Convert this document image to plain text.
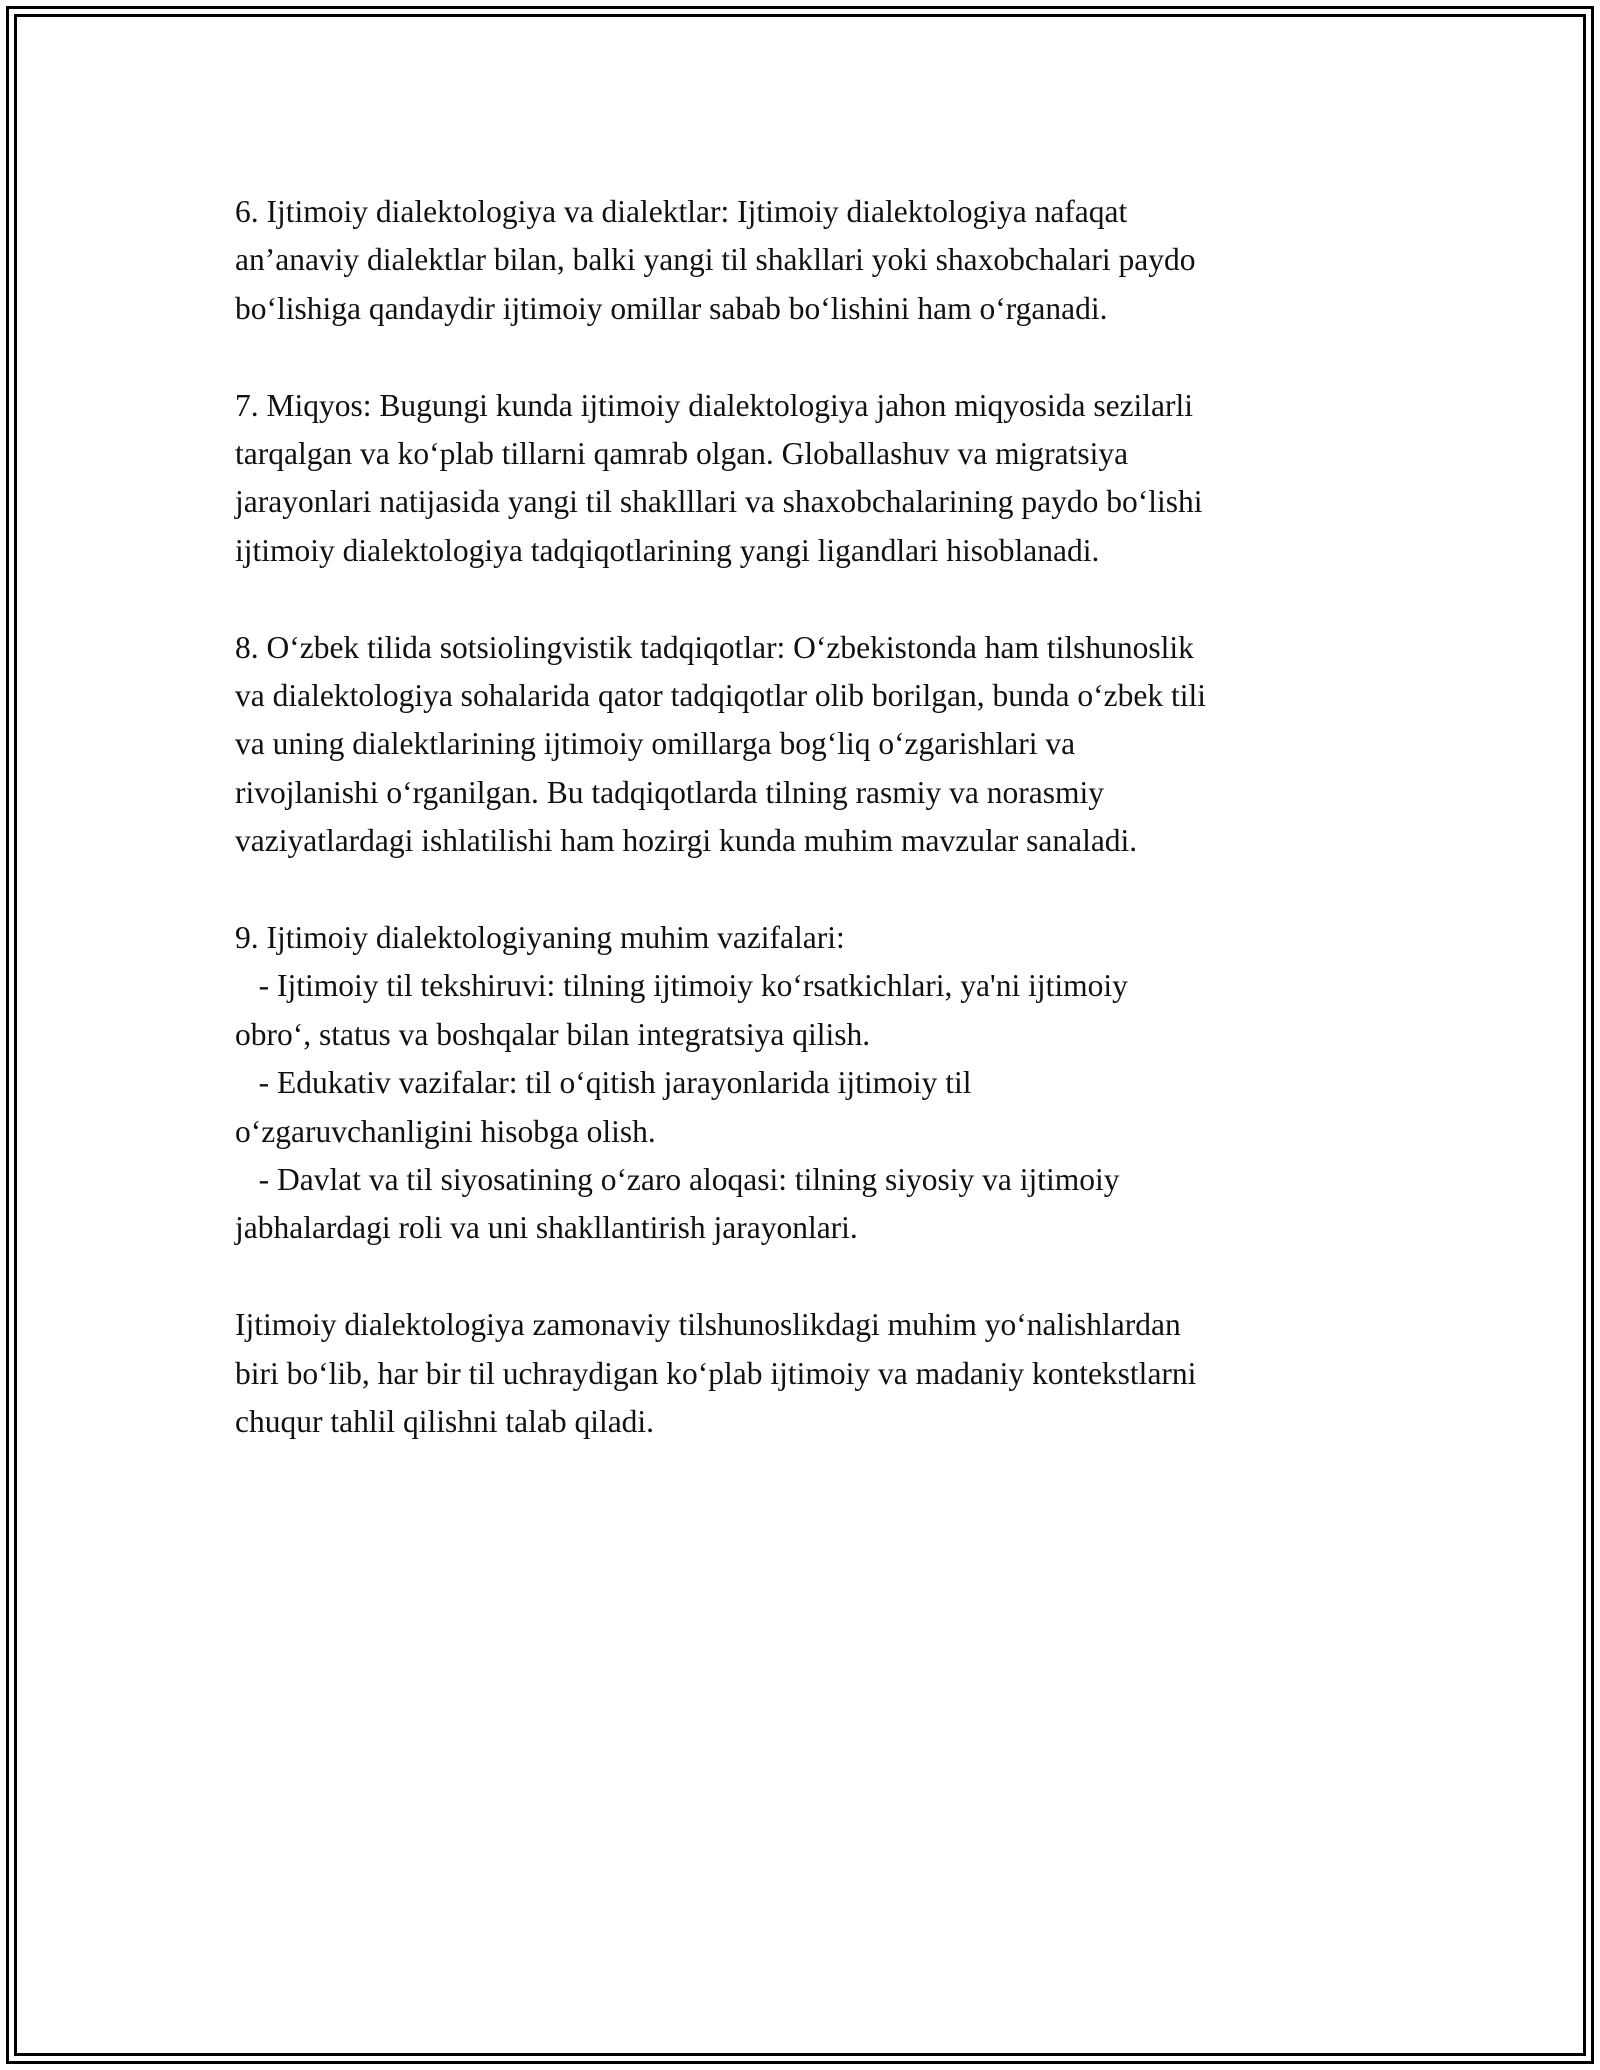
6. Ijtimoiy dialektologiya va dialektlar: Ijtimoiy dialektologiya nafaqat
an’anaviy dialektlar bilan, balki yangi til shakllari yoki shaxobchalari paydo
bo‘lishiga qandaydir ijtimoiy omillar sabab bo‘lishini ham o‘rganadi.
7. Miqyos: Bugungi kunda ijtimoiy dialektologiya jahon miqyosida sezilarli
tarqalgan va ko‘plab tillarni qamrab olgan. Globallashuv va migratsiya
jarayonlari natijasida yangi til shaklllari va shaxobchalarining paydo bo‘lishi
ijtimoiy dialektologiya tadqiqotlarining yangi ligandlari hisoblanadi.
8. O‘zbek tilida sotsiolingvistik tadqiqotlar: O‘zbekistonda ham tilshunoslik
va dialektologiya sohalarida qator tadqiqotlar olib borilgan, bunda o‘zbek tili
va uning dialektlarining ijtimoiy omillarga bog‘liq o‘zgarishlari va
rivojlanishi o‘rganilgan. Bu tadqiqotlarda tilning rasmiy va norasmiy
vaziyatlardagi ishlatilishi ham hozirgi kunda muhim mavzular sanaladi.
9. Ijtimoiy dialektologiyaning muhim vazifalari:
- Ijtimoiy til tekshiruvi: tilning ijtimoiy ko‘rsatkichlari, ya'ni ijtimoiy
obro‘, status va boshqalar bilan integratsiya qilish.
- Edukativ vazifalar: til o‘qitish jarayonlarida ijtimoiy til
o‘zgaruvchanligini hisobga olish.
- Davlat va til siyosatining o‘zaro aloqasi: tilning siyosiy va ijtimoiy
jabhalardagi roli va uni shakllantirish jarayonlari.
Ijtimoiy dialektologiya zamonaviy tilshunoslikdagi muhim yo‘nalishlardan
biri bo‘lib, har bir til uchraydigan ko‘plab ijtimoiy va madaniy kontekstlarni
chuqur tahlil qilishni talab qiladi.
